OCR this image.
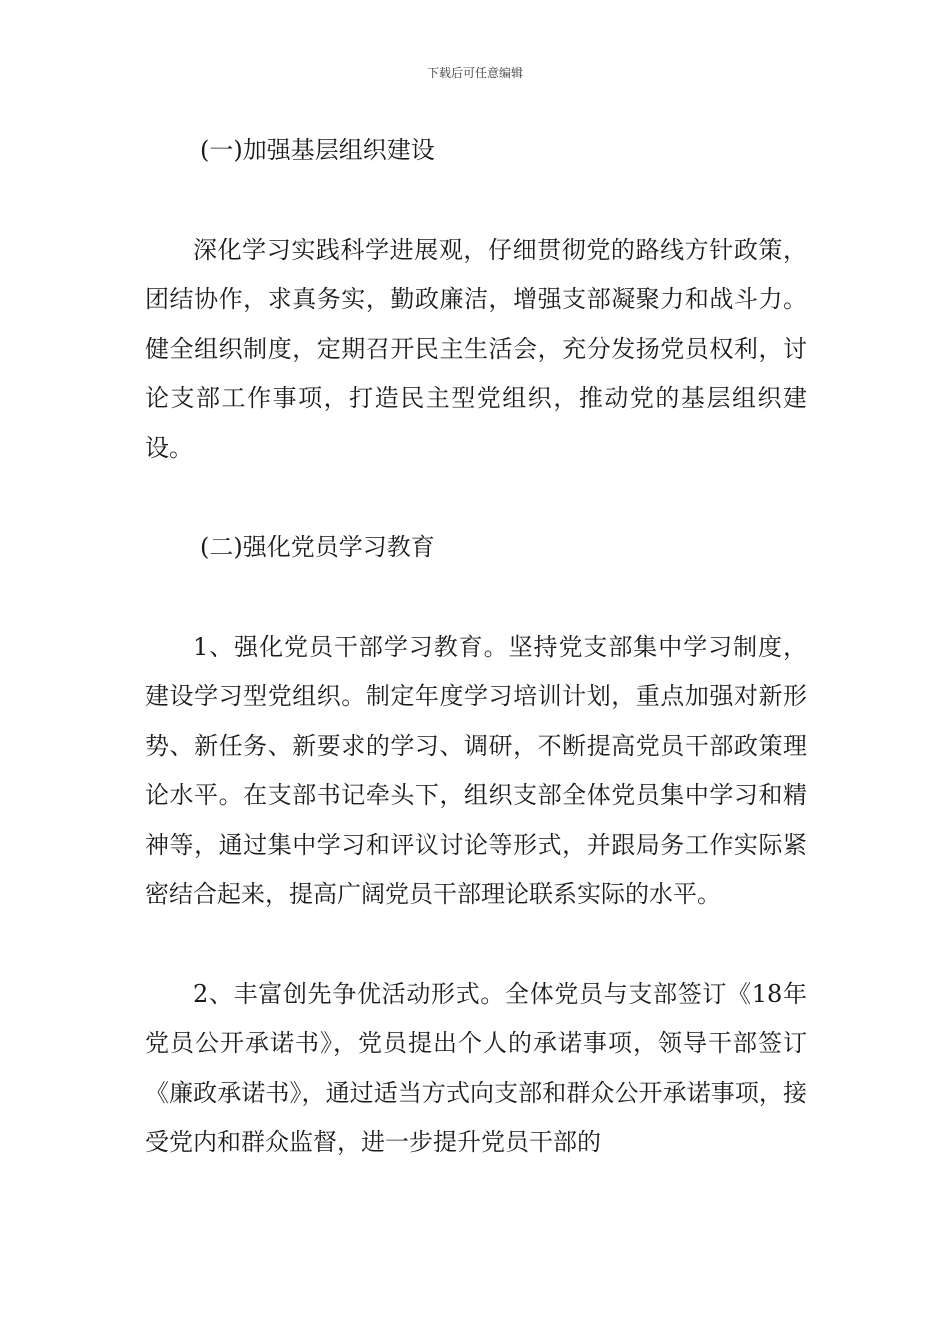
下载后可任意编辑

(一)加强基层组织建设

深化学习实践科学进展观，仔细贯彻党的路线方针政策，团结协作，求真务实，勤政廉洁，增强支部凝聚力和战斗力。健全组织制度，定期召开民主生活会，充分发扬党员权利，讨论支部工作事项，打造民主型党组织，推动党的基层组织建设。

(二)强化党员学习教育

1、强化党员干部学习教育。坚持党支部集中学习制度，建设学习型党组织。制定年度学习培训计划，重点加强对新形势、新任务、新要求的学习、调研，不断提高党员干部政策理论水平。在支部书记牵头下，组织支部全体党员集中学习和精神等，通过集中学习和评议讨论等形式，并跟局务工作实际紧密结合起来，提高广阔党员干部理论联系实际的水平。

2、丰富创先争优活动形式。全体党员与支部签订《18年党员公开承诺书》，党员提出个人的承诺事项，领导干部签订《廉政承诺书》，通过适当方式向支部和群众公开承诺事项，接受党内和群众监督，进一步提升党员干部的
